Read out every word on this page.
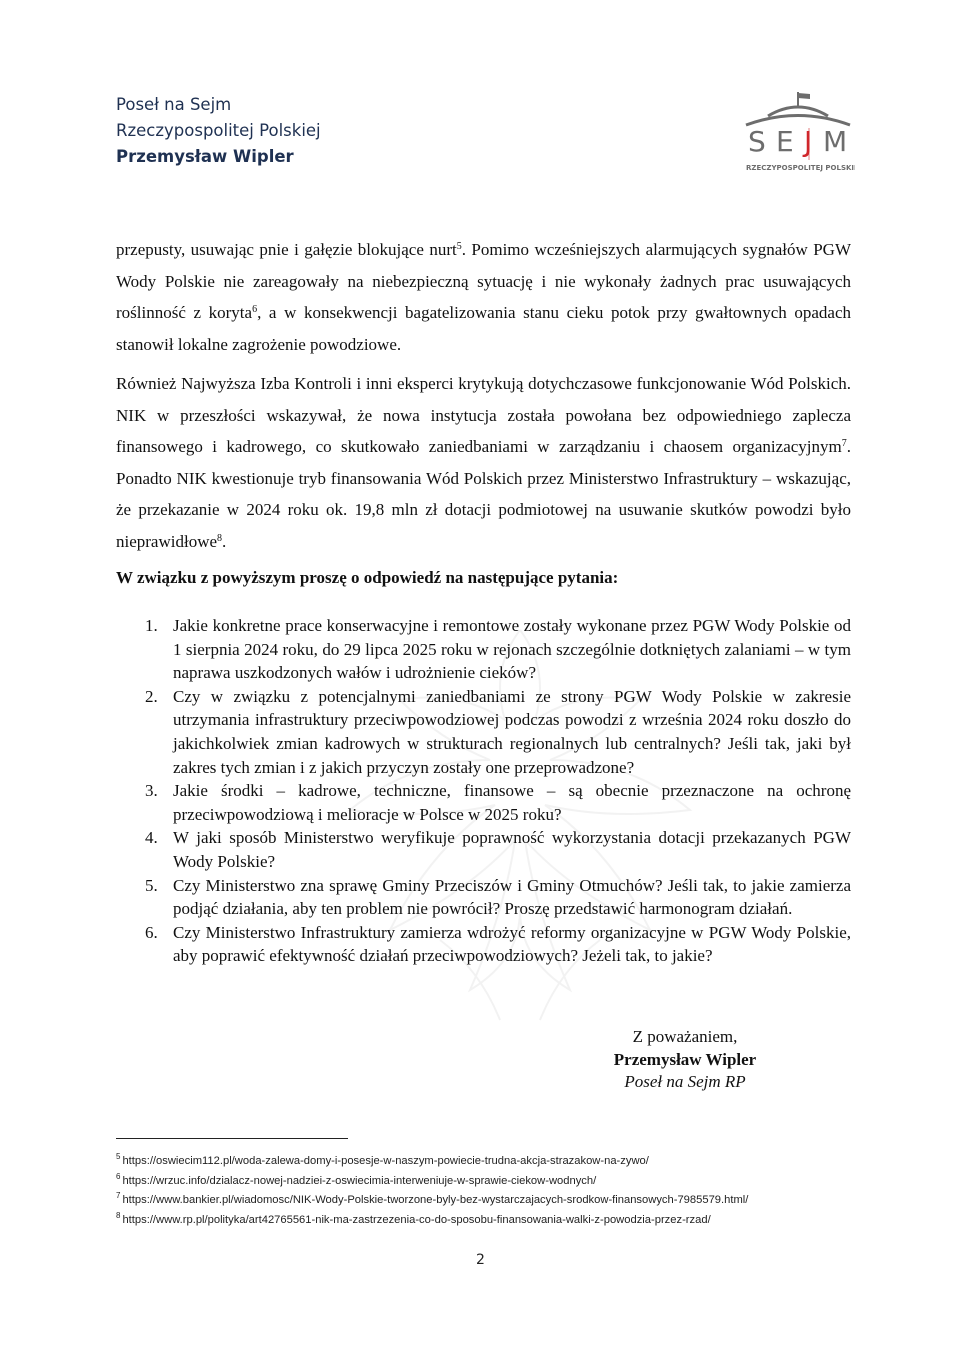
Poseł na Sejm
Rzeczypospolitej Polskiej
Przemysław Wipler	S E J M
RZECZYPOSPOLITEJ POLSKIEJ

przepusty, usuwając pnie i gałęzie blokujące nurt$^5$. Pomimo wcześniejszych alarmujących sygnałów PGW Wody Polskie nie zareagowały na niebezpieczną sytuację i nie wykonały żadnych prac usuwających roślinność z koryta$^6$, a w konsekwencji bagatelizowania stanu cieku potok przy gwałtownych opadach stanowił lokalne zagrożenie powodziowe.

Również Najwyższa Izba Kontroli i inni eksperci krytykują dotychczasowe funkcjonowanie Wód Polskich. NIK w przeszłości wskazywał, że nowa instytucja została powołana bez odpowiedniego zaplecza finansowego i kadrowego, co skutkowało zaniedbaniami w zarządzaniu i chaosem organizacyjnym$^7$. Ponadto NIK kwestionuje tryb finansowania Wód Polskich przez Ministerstwo Infrastruktury – wskazując, że przekazanie w 2024 roku ok. 19,8 mln zł dotacji podmiotowej na usuwanie skutków powodzi było nieprawidłowe$^8$.

W związku z powyższym proszę o odpowiedź na następujące pytania:
1. Jakie konkretne prace konserwacyjne i remontowe zostały wykonane przez PGW Wody Polskie od 1 sierpnia 2024 roku, do 29 lipca 2025 roku w rejonach szczególnie dotkniętych zalaniami – w tym naprawa uszkodzonych wałów i udrożnienie cieków?
2. Czy w związku z potencjalnymi zaniedbaniami ze strony PGW Wody Polskie w zakresie utrzymania infrastruktury przeciwpowodziowej podczas powodzi z września 2024 roku doszło do jakichkolwiek zmian kadrowych w strukturach regionalnych lub centralnych? Jeśli tak, jaki był zakres tych zmian i z jakich przyczyn zostały one przeprowadzone?
3. Jakie środki – kadrowe, techniczne, finansowe – są obecnie przeznaczone na ochronę przeciwpowodziową i melioracje w Polsce w 2025 roku?
4. W jaki sposób Ministerstwo weryfikuje poprawność wykorzystania dotacji przekazanych PGW Wody Polskie?
5. Czy Ministerstwo zna sprawę Gminy Przeciszów i Gminy Otmuchów? Jeśli tak, to jakie zamierza podjąć działania, aby ten problem nie powrócił? Proszę przedstawić harmonogram działań.
6. Czy Ministerstwo Infrastruktury zamierza wdrożyć reformy organizacyjne w PGW Wody Polskie, aby poprawić efektywność działań przeciwpowodziowych? Jeżeli tak, to jakie?
Z poważaniem,
Przemysław Wipler
Poseł na Sejm RP
$^5$ https://oswiecim112.pl/woda-zalewa-domy-i-posesje-w-naszym-powiecie-trudna-akcja-strazakow-na-zywo/
$^6$ https://wrzuc.info/dzialacz-nowej-nadziei-z-oswiecimia-interweniuje-w-sprawie-ciekow-wodnych/
$^7$ https://www.bankier.pl/wiadomosc/NIK-Wody-Polskie-tworzone-byly-bez-wystarczajacych-srodkow-finansowych-7985579.html/
$^8$ https://www.rp.pl/polityka/art42765561-nik-ma-zastrzezenia-co-do-sposobu-finansowania-walki-z-powodzia-przez-rzad/
2
